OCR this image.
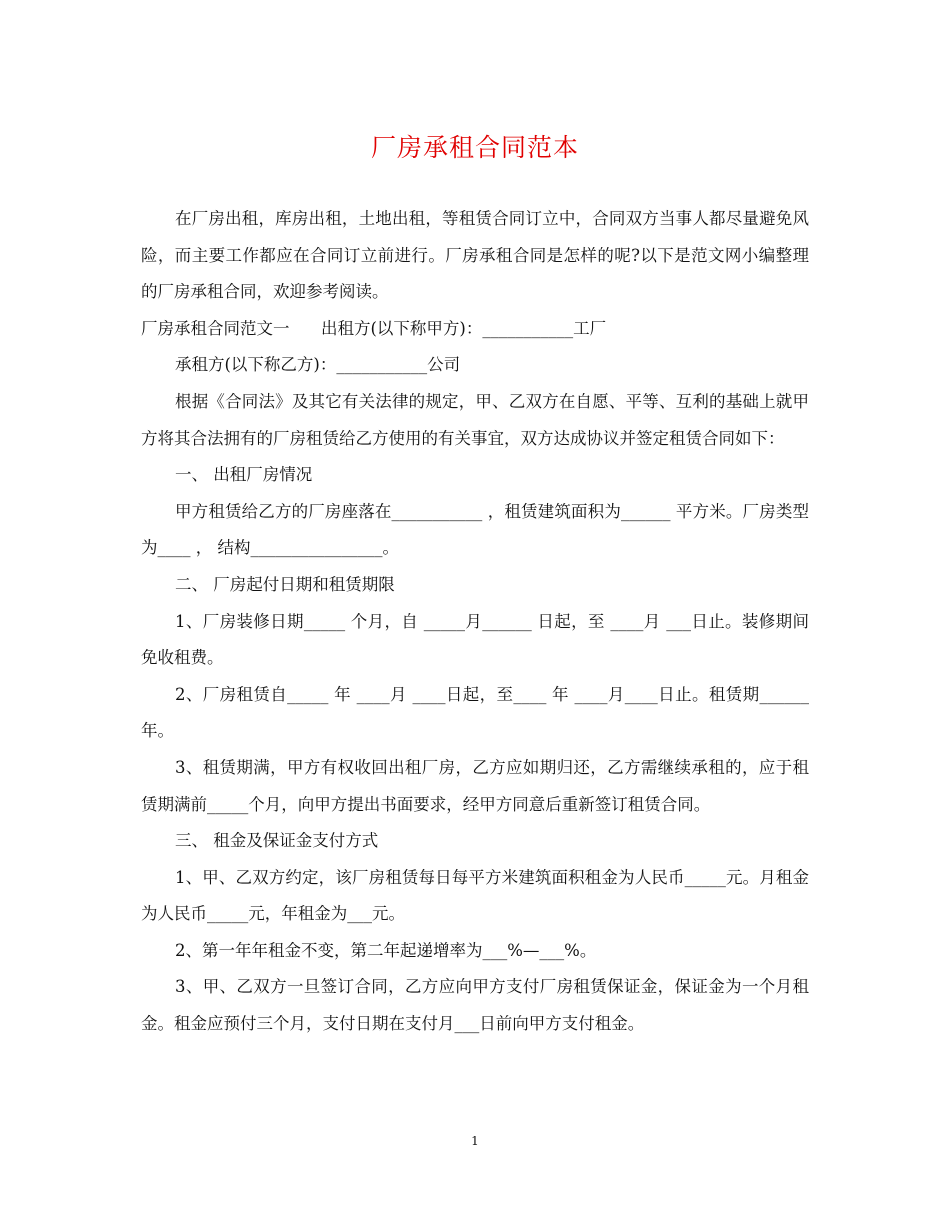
厂房承租合同范本

在厂房出租，库房出租，土地出租，等租赁合同订立中，合同双方当事人都尽量避免风险，而主要工作都应在合同订立前进行。厂房承租合同是怎样的呢?以下是范文网小编整理的厂房承租合同，欢迎参考阅读。

厂房承租合同范文一      出租方(以下称甲方)：___________工厂

承租方(以下称乙方)：___________公司

根据《合同法》及其它有关法律的规定，甲、乙双方在自愿、平等、互利的基础上就甲方将其合法拥有的厂房租赁给乙方使用的有关事宜，双方达成协议并签定租赁合同如下：

一、 出租厂房情况

甲方租赁给乙方的厂房座落在___________ ，租赁建筑面积为______ 平方米。厂房类型为____ ， 结构________________。

二、 厂房起付日期和租赁期限

1、厂房装修日期_____ 个月，自 _____月______ 日起，至 ____月 ___日止。装修期间免收租费。

2、厂房租赁自_____ 年 ____月 ____日起，至____ 年 ____月____日止。租赁期______年。

3、租赁期满，甲方有权收回出租厂房，乙方应如期归还，乙方需继续承租的，应于租赁期满前_____个月，向甲方提出书面要求，经甲方同意后重新签订租赁合同。

三、 租金及保证金支付方式

1、甲、乙双方约定，该厂房租赁每日每平方米建筑面积租金为人民币_____元。月租金为人民币_____元，年租金为___元。

2、第一年年租金不变，第二年起递增率为___%—___%。

3、甲、乙双方一旦签订合同，乙方应向甲方支付厂房租赁保证金，保证金为一个月租金。租金应预付三个月，支付日期在支付月___日前向甲方支付租金。

1
